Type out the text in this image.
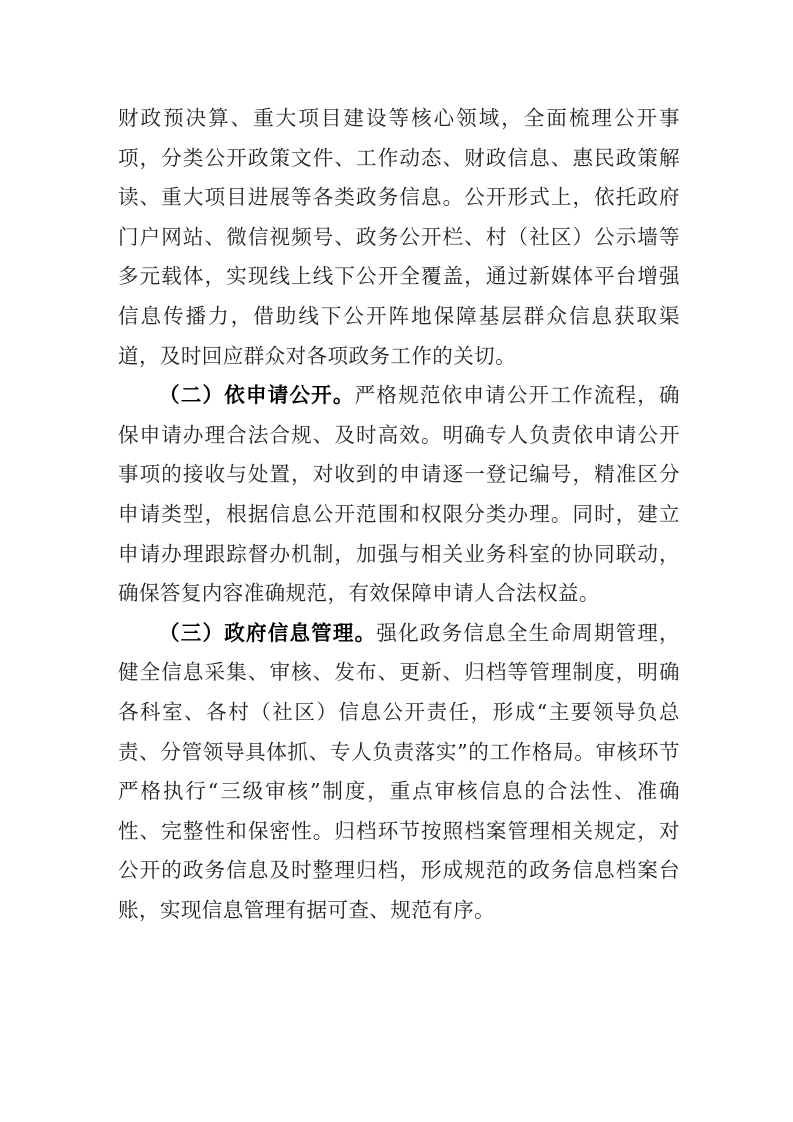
财政预决算、重大项目建设等核心领域，全面梳理公开事项，分类公开政策文件、工作动态、财政信息、惠民政策解读、重大项目进展等各类政务信息。公开形式上，依托政府门户网站、微信视频号、政务公开栏、村（社区）公示墙等多元载体，实现线上线下公开全覆盖，通过新媒体平台增强信息传播力，借助线下公开阵地保障基层群众信息获取渠道，及时回应群众对各项政务工作的关切。

（二）依申请公开。严格规范依申请公开工作流程，确保申请办理合法合规、及时高效。明确专人负责依申请公开事项的接收与处置，对收到的申请逐一登记编号，精准区分申请类型，根据信息公开范围和权限分类办理。同时，建立申请办理跟踪督办机制，加强与相关业务科室的协同联动，确保答复内容准确规范，有效保障申请人合法权益。

（三）政府信息管理。强化政务信息全生命周期管理，健全信息采集、审核、发布、更新、归档等管理制度，明确各科室、各村（社区）信息公开责任，形成“主要领导负总责、分管领导具体抓、专人负责落实”的工作格局。审核环节严格执行“三级审核”制度，重点审核信息的合法性、准确性、完整性和保密性。归档环节按照档案管理相关规定，对公开的政务信息及时整理归档，形成规范的政务信息档案台账，实现信息管理有据可查、规范有序。
